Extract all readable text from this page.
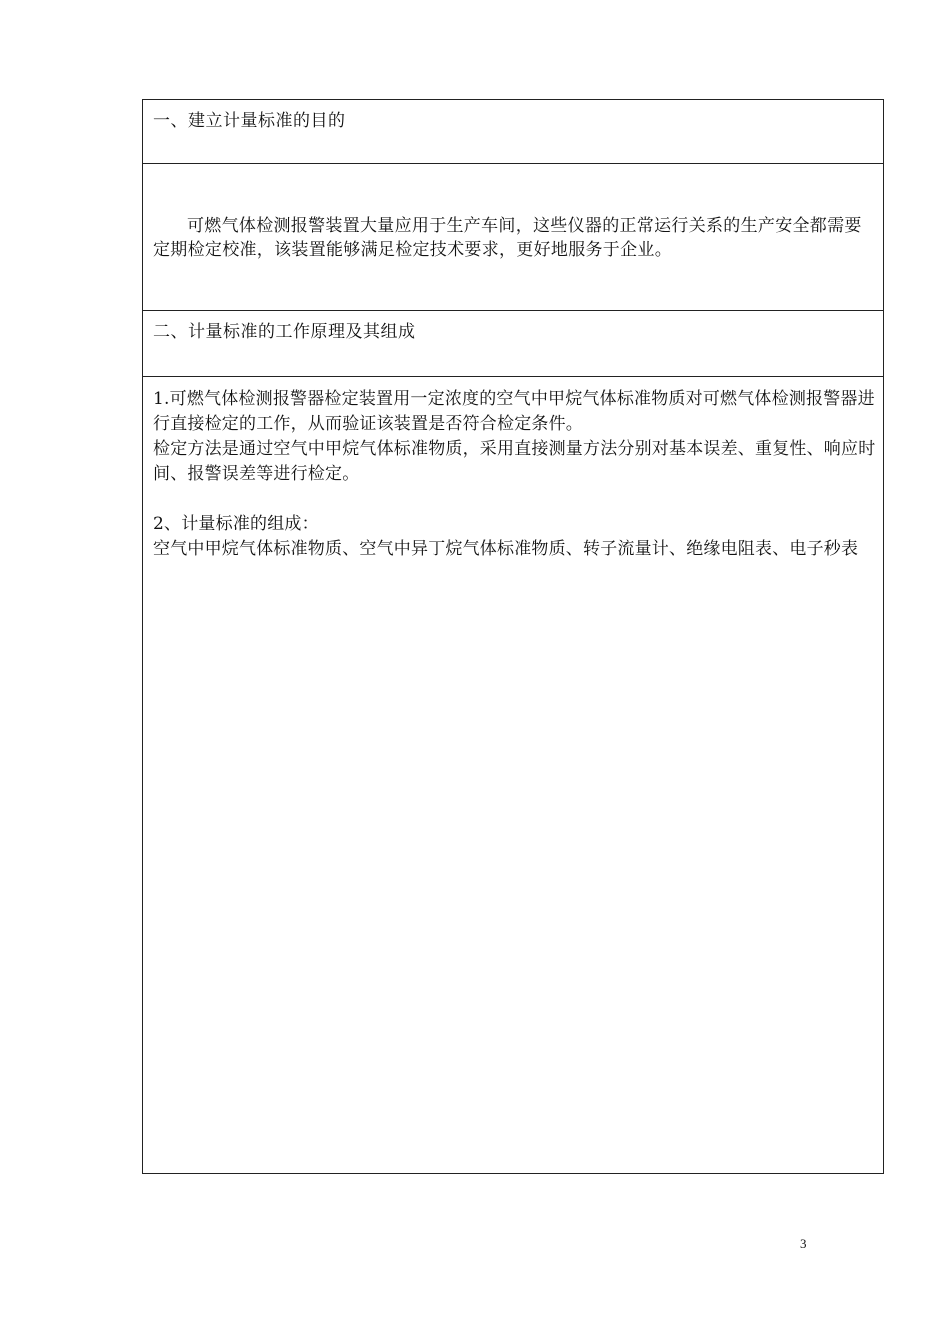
一、建立计量标准的目的

可燃气体检测报警装置大量应用于生产车间，这些仪器的正常运行关系的生产安全都需要定期检定校准，该装置能够满足检定技术要求，更好地服务于企业。

二、计量标准的工作原理及其组成

1.可燃气体检测报警器检定装置用一定浓度的空气中甲烷气体标准物质对可燃气体检测报警器进行直接检定的工作，从而验证该装置是否符合检定条件。

检定方法是通过空气中甲烷气体标准物质，采用直接测量方法分别对基本误差、重复性、响应时间、报警误差等进行检定。

2、计量标准的组成：

空气中甲烷气体标准物质、空气中异丁烷气体标准物质、转子流量计、绝缘电阻表、电子秒表

3
